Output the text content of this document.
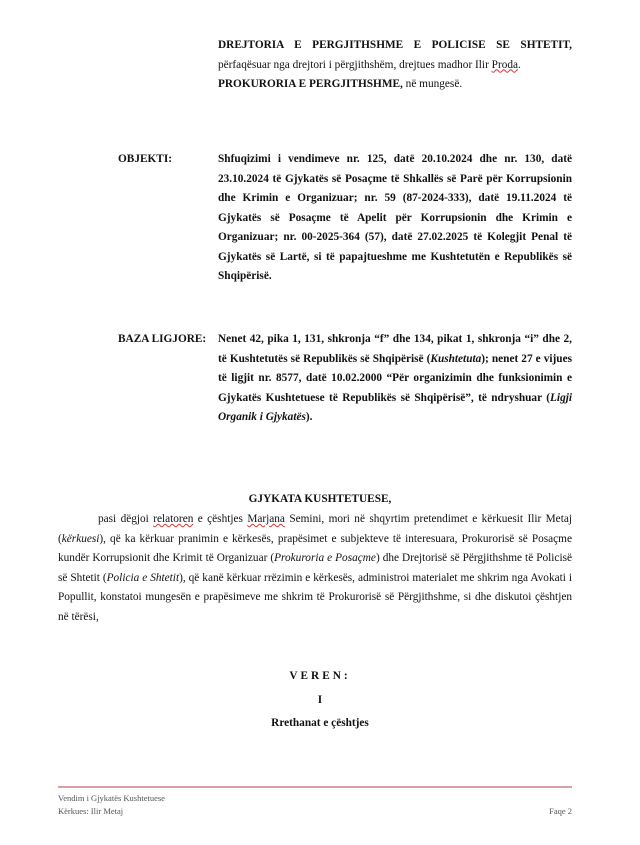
DREJTORIA E PERGJITHSHME E POLICISE SE SHTETIT, përfaqësuar nga drejtori i përgjithshëm, drejtues madhor Ilir Proda.

PROKURORIA E PERGJITHSHME, në mungesë.

OBJEKTI:	Shfuqizimi i vendimeve nr. 125, datë 20.10.2024 dhe nr. 130, datë 23.10.2024 të Gjykatës së Posaçme të Shkallës së Parë për Korrupsionin dhe Krimin e Organizuar; nr. 59 (87-2024-333), datë 19.11.2024 të Gjykatës së Posaçme të Apelit për Korrupsionin dhe Krimin e Organizuar; nr. 00-2025-364 (57), datë 27.02.2025 të Kolegjit Penal të Gjykatës së Lartë, si të papajtueshme me Kushtetutën e Republikës së Shqipërisë.

BAZA LIGJORE:	Nenet 42, pika 1, 131, shkronja “f” dhe 134, pikat 1, shkronja “i” dhe 2, të Kushtetutës së Republikës së Shqipërisë (Kushtetuta); nenet 27 e vijues të ligjit nr. 8577, datë 10.02.2000 “Për organizimin dhe funksionimin e Gjykatës Kushtetuese të Republikës së Shqipërisë”, të ndryshuar (Ligji Organik i Gjykatës).

GJYKATA KUSHTETUESE,

pasi dëgjoi relatoren e çështjes Marjana Semini, mori në shqyrtim pretendimet e kërkuesit Ilir Metaj (kërkuesi), që ka kërkuar pranimin e kërkesës, prapësimet e subjekteve të interesuara, Prokurorisë së Posaçme kundër Korrupsionit dhe Krimit të Organizuar (Prokuroria e Posaçme) dhe Drejtorisë së Përgjithshme të Policisë së Shtetit (Policia e Shtetit), që kanë kërkuar rrëzimin e kërkesës, administroi materialet me shkrim nga Avokati i Popullit, konstatoi mungesën e prapësimeve me shkrim të Prokurorisë së Përgjithshme, si dhe diskutoi çështjen në tërësi,

VEREN:
I
Rrethanat e çështjes
Vendim i Gjykatës Kushtetuese
Kërkues: Ilir Metaj	Faqe 2
